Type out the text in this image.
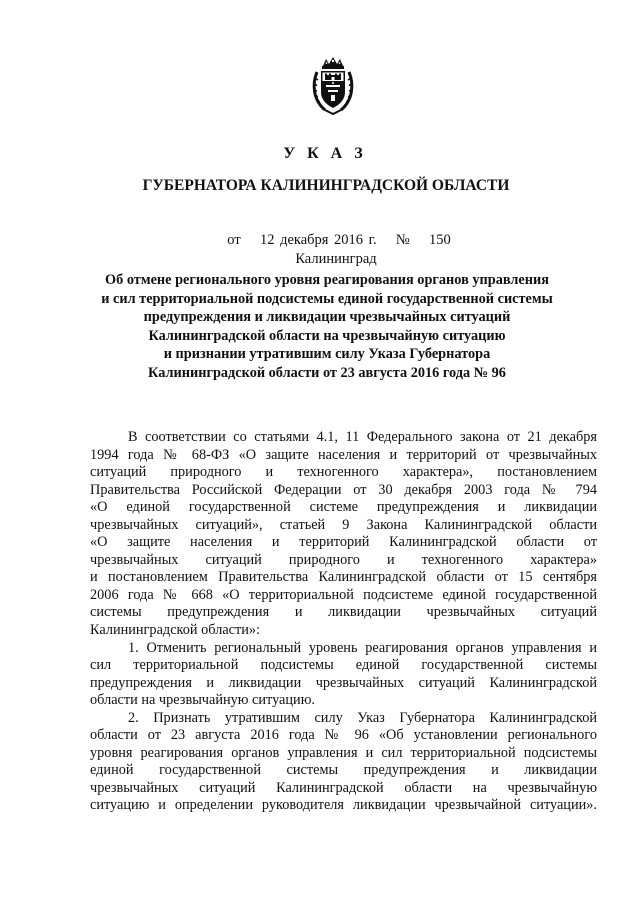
У К А З
ГУБЕРНАТОРА КАЛИНИНГРАДСКОЙ ОБЛАСТИ
от 12 декабря 2016 г. № 150
Калининград
Об отмене регионального уровня реагирования органов управления
и сил территориальной подсистемы единой государственной системы
предупреждения и ликвидации чрезвычайных ситуаций
Калининградской области на чрезвычайную ситуацию
и признании утратившим силу Указа Губернатора
Калининградской области от 23 августа 2016 года № 96
В соответствии со статьями 4.1, 11 Федерального закона от 21 декабря
1994 года № 68-ФЗ «О защите населения и территорий от чрезвычайных
ситуаций природного и техногенного характера», постановлением
Правительства Российской Федерации от 30 декабря 2003 года № 794
«О единой государственной системе предупреждения и ликвидации
чрезвычайных ситуаций», статьей 9 Закона Калининградской области
«О защите населения и территорий Калининградской области от
чрезвычайных ситуаций природного и техногенного характера»
и постановлением Правительства Калининградской области от 15 сентября
2006 года № 668 «О территориальной подсистеме единой государственной
системы предупреждения и ликвидации чрезвычайных ситуаций
Калининградской области»:
1. Отменить региональный уровень реагирования органов управления и
сил территориальной подсистемы единой государственной системы
предупреждения и ликвидации чрезвычайных ситуаций Калининградской
области на чрезвычайную ситуацию.
2. Признать утратившим силу Указ Губернатора Калининградской
области от 23 августа 2016 года № 96 «Об установлении регионального
уровня реагирования органов управления и сил территориальной подсистемы
единой государственной системы предупреждения и ликвидации
чрезвычайных ситуаций Калининградской области на чрезвычайную
ситуацию и определении руководителя ликвидации чрезвычайной ситуации».
